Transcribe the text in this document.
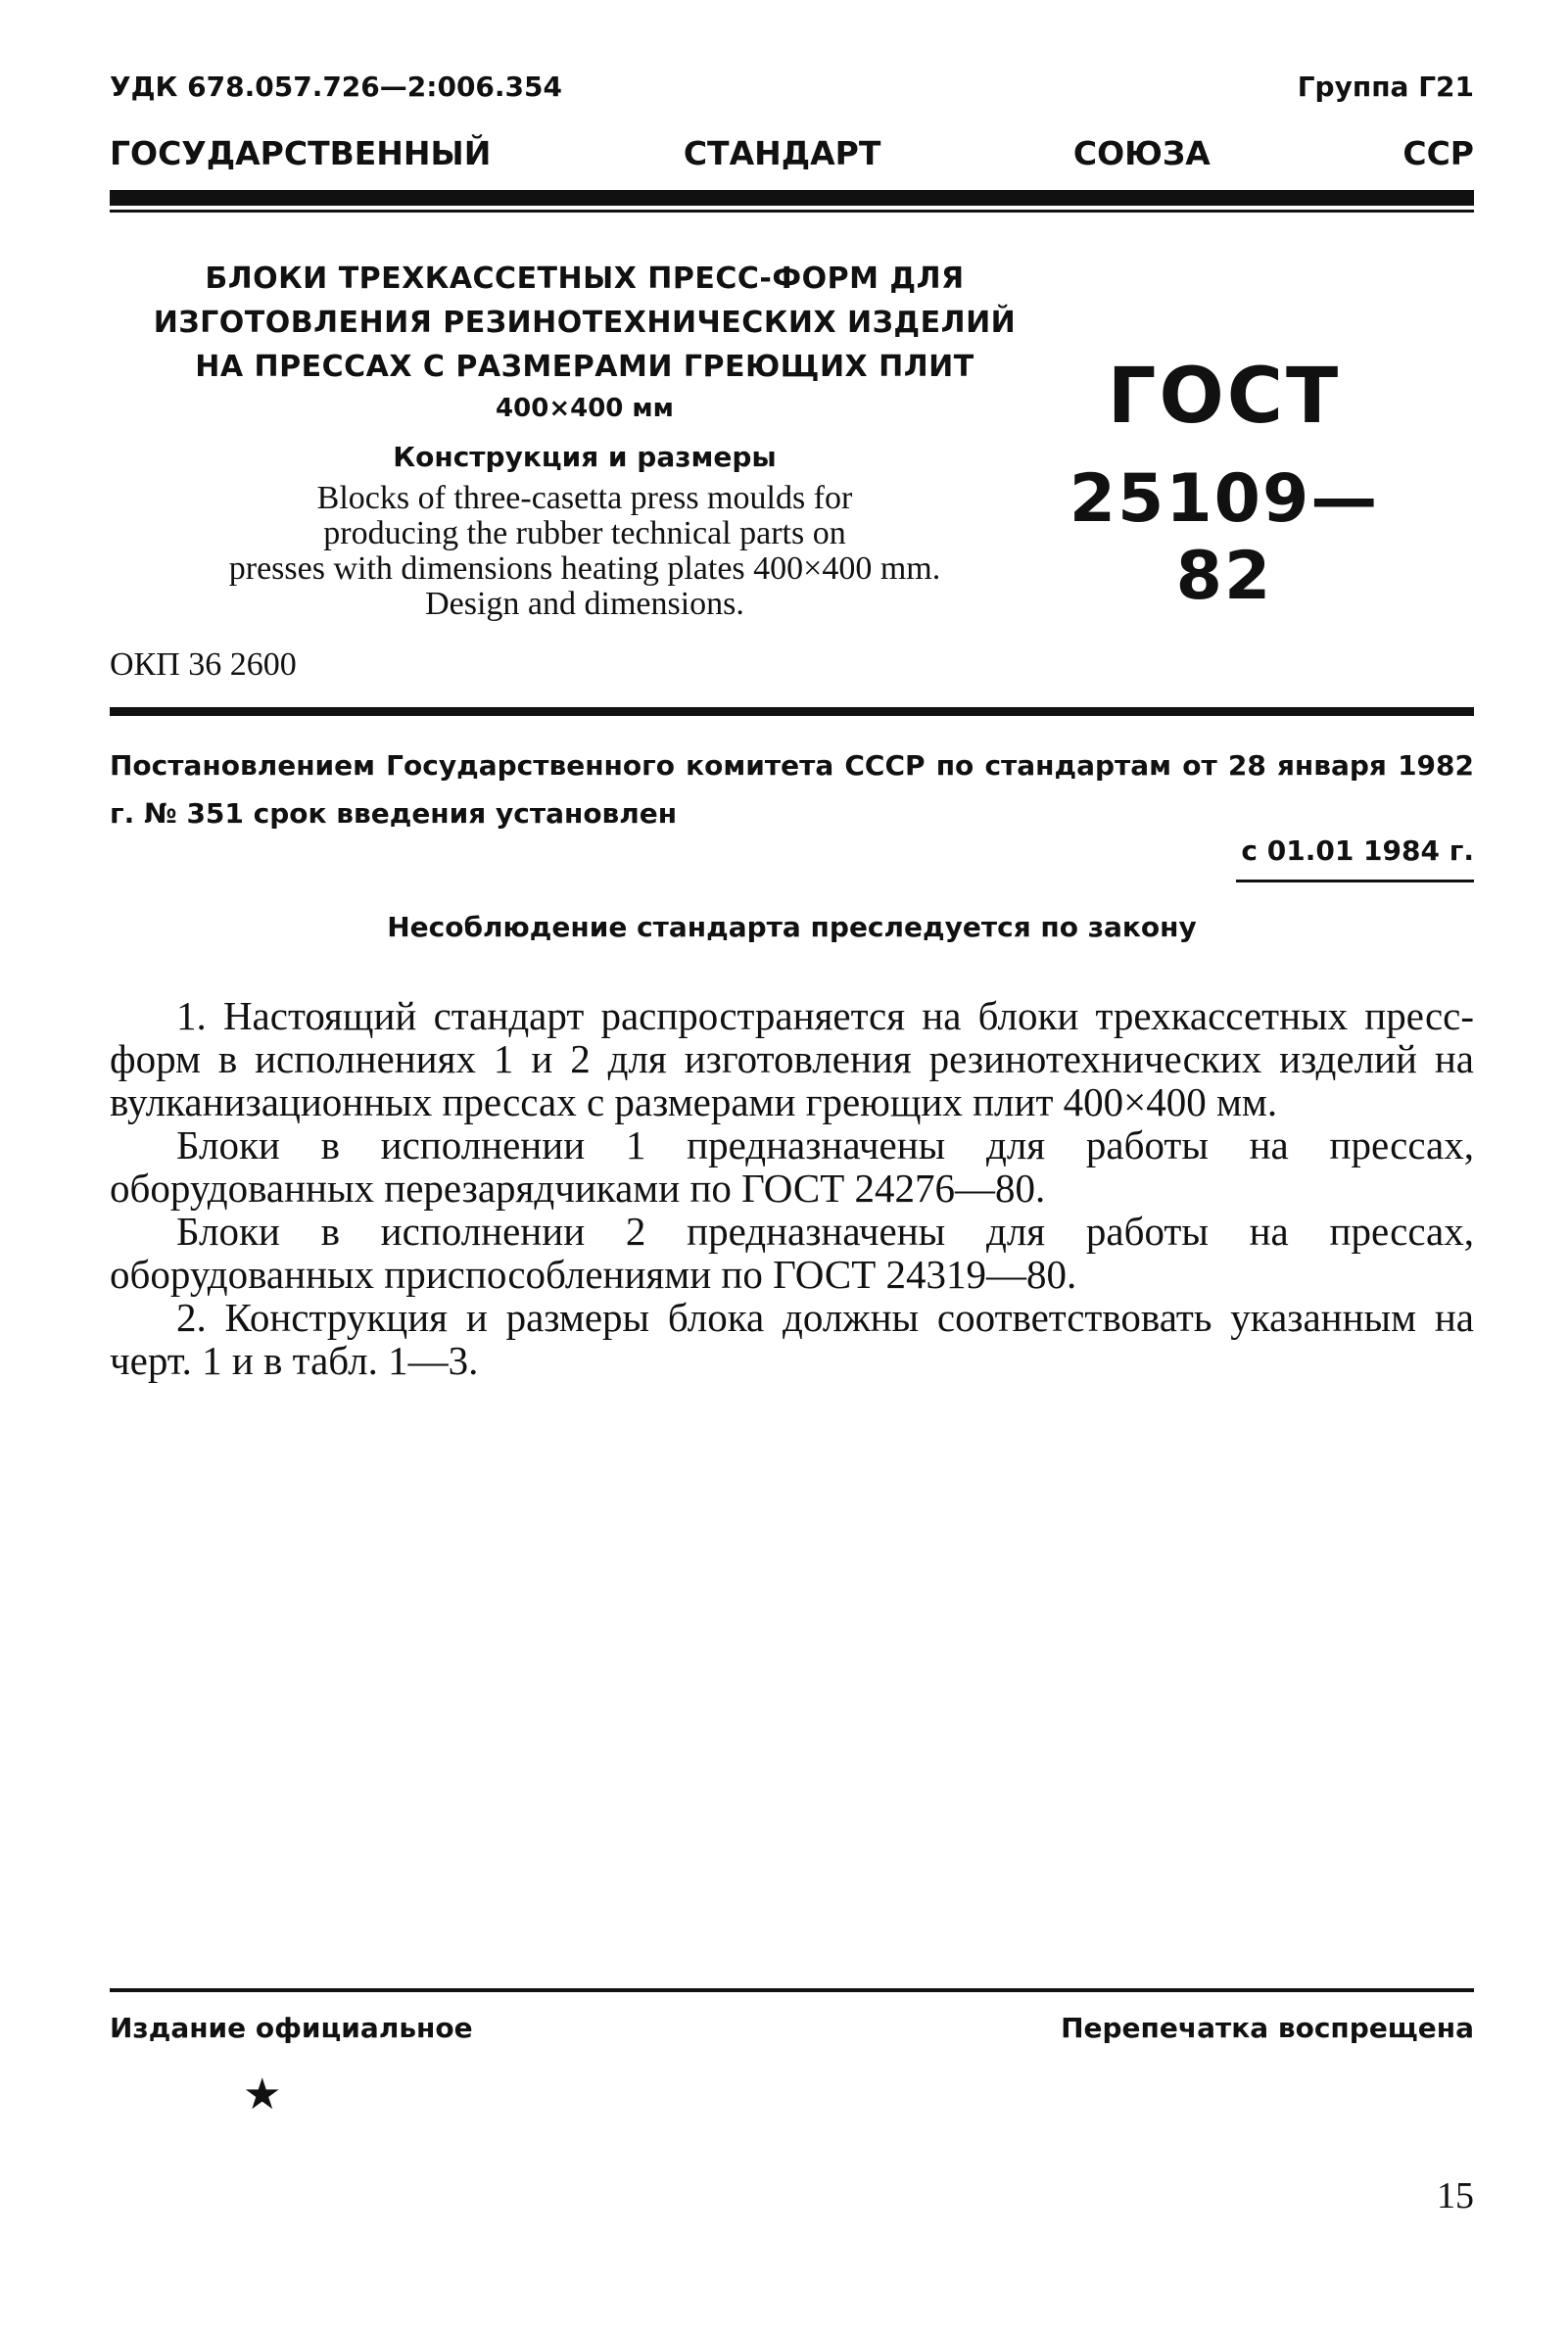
УДК 678.057.726—2:006.354	Группа Г21
ГОСУДАРСТВЕННЫЙ	СТАНДАРТ	СОЮЗА	ССР
БЛОКИ ТРЕХКАССЕТНЫХ ПРЕСС-ФОРМ ДЛЯ
ИЗГОТОВЛЕНИЯ РЕЗИНОТЕХНИЧЕСКИХ ИЗДЕЛИЙ
НА ПРЕССАХ С РАЗМЕРАМИ ГРЕЮЩИХ ПЛИТ
400×400 мм
Конструкция и размеры
Blocks of three-casetta press moulds for
producing the rubber technical parts on
presses with dimensions heating plates 400×400 mm.
Design and dimensions.
ОКП 36 2600
ГОСТ
25109—82
Постановлением Государственного комитета СССР по стандартам от 28 января 1982 г. № 351 срок введения установлен
с 01.01 1984 г.
Несоблюдение стандарта преследуется по закону

1. Настоящий стандарт распространяется на блоки трехкассетных пресс-форм в исполнениях 1 и 2 для изготовления резинотехнических изделий на вулканизационных прессах с размерами греющих плит 400×400 мм.

Блоки в исполнении 1 предназначены для работы на прессах, оборудованных перезарядчиками по ГОСТ 24276—80.

Блоки в исполнении 2 предназначены для работы на прессах, оборудованных приспособлениями по ГОСТ 24319—80.

2. Конструкция и размеры блока должны соответствовать указанным на черт. 1 и в табл. 1—3.

Издание официальное	Перепечатка воспрещена
★
15
